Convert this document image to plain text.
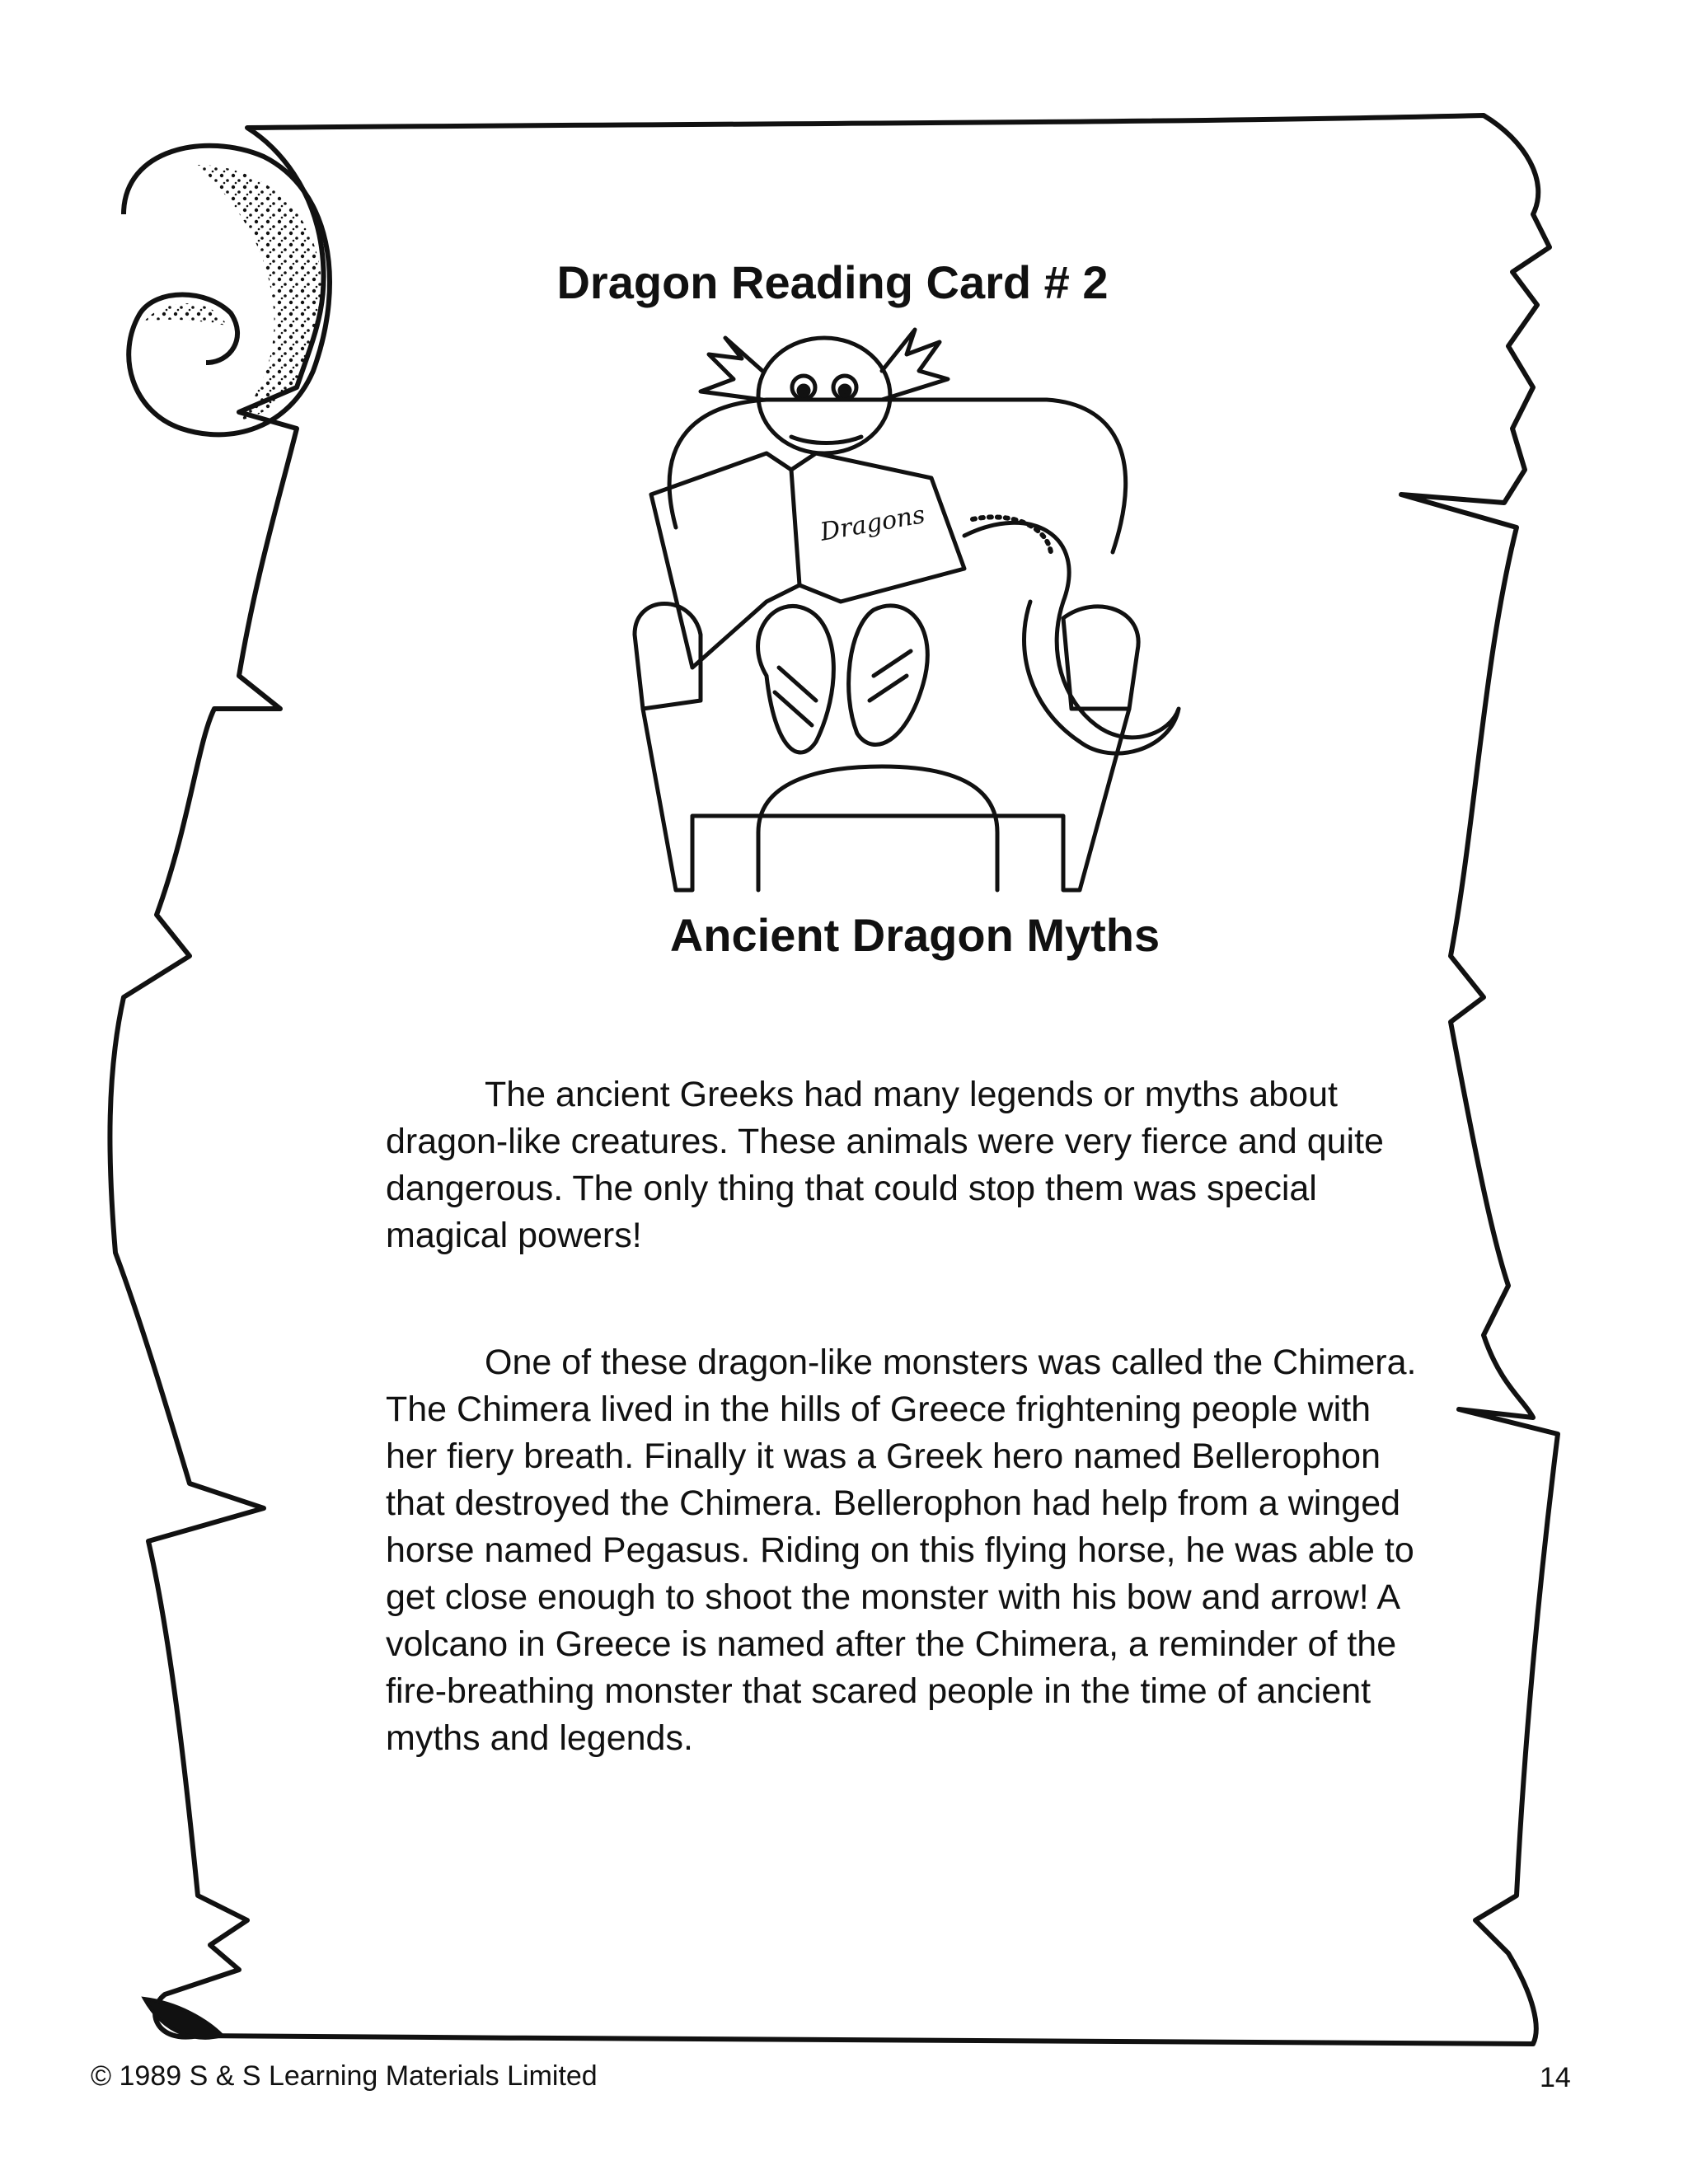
Dragon Reading Card # 2
Dragons
Ancient Dragon Myths

The ancient Greeks had many legends or myths about dragon-like creatures. These animals were very fierce and quite dangerous. The only thing that could stop them was special magical powers!

One of these dragon-like monsters was called the Chimera. The Chimera lived in the hills of Greece frightening people with her fiery breath. Finally it was a Greek hero named Bellerophon that destroyed the Chimera. Bellerophon had help from a winged horse named Pegasus. Riding on this flying horse, he was able to get close enough to shoot the monster with his bow and arrow! A volcano in Greece is named after the Chimera, a reminder of the fire-breathing monster that scared people in the time of ancient myths and legends.

© 1989 S & S Learning Materials Limited	14
